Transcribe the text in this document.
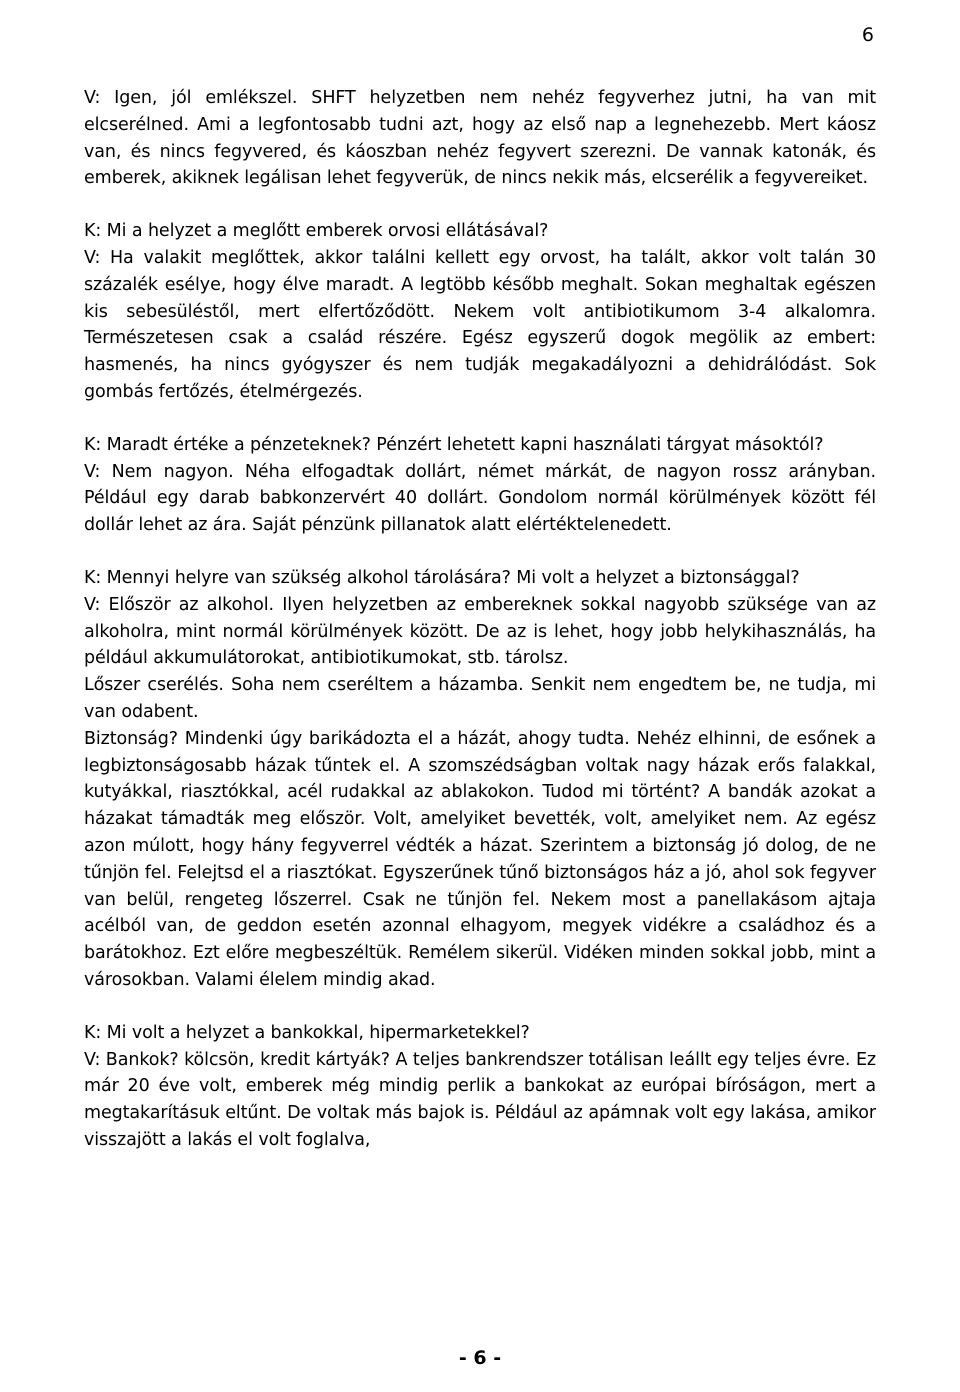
6

V: Igen, jól emlékszel. SHFT helyzetben nem nehéz fegyverhez jutni, ha van mit elcserélned. Ami a legfontosabb tudni azt, hogy az első nap a legnehezebb. Mert káosz van, és nincs fegyvered, és káoszban nehéz fegyvert szerezni. De vannak katonák, és emberek, akiknek legálisan lehet fegyverük, de nincs nekik más, elcserélik a fegyvereiket.

K: Mi a helyzet a meglőtt emberek orvosi ellátásával?

V: Ha valakit meglőttek, akkor találni kellett egy orvost, ha talált, akkor volt talán 30 százalék esélye, hogy élve maradt. A legtöbb később meghalt. Sokan meghaltak egészen kis sebesüléstől, mert elfertőződött. Nekem volt antibiotikumom 3-4 alkalomra. Természetesen csak a család részére. Egész egyszerű dogok megölik az embert: hasmenés, ha nincs gyógyszer és nem tudják megakadályozni a dehidrálódást. Sok gombás fertőzés, ételmérgezés.

K: Maradt értéke a pénzeteknek? Pénzért lehetett kapni használati tárgyat másoktól?

V: Nem nagyon. Néha elfogadtak dollárt, német márkát, de nagyon rossz arányban. Például egy darab babkonzervért 40 dollárt. Gondolom normál körülmények között fél dollár lehet az ára. Saját pénzünk pillanatok alatt elértéktelenedett.

K: Mennyi helyre van szükség alkohol tárolására? Mi volt a helyzet a biztonsággal?

V: Először az alkohol. Ilyen helyzetben az embereknek sokkal nagyobb szüksége van az alkoholra, mint normál körülmények között. De az is lehet, hogy jobb helykihasználás, ha például akkumulátorokat, antibiotikumokat, stb. tárolsz.

Lőszer cserélés. Soha nem cseréltem a házamba. Senkit nem engedtem be, ne tudja, mi van odabent.

Biztonság? Mindenki úgy barikádozta el a házát, ahogy tudta. Nehéz elhinni, de esőnek a legbiztonságosabb házak tűntek el. A szomszédságban voltak nagy házak erős falakkal, kutyákkal, riasztókkal, acél rudakkal az ablakokon. Tudod mi történt? A bandák azokat a házakat támadták meg először. Volt, amelyiket bevették, volt, amelyiket nem. Az egész azon múlott, hogy hány fegyverrel védték a házat. Szerintem a biztonság jó dolog, de ne tűnjön fel. Felejtsd el a riasztókat. Egyszerűnek tűnő biztonságos ház a jó, ahol sok fegyver van belül, rengeteg lőszerrel. Csak ne tűnjön fel. Nekem most a panellakásom ajtaja acélból van, de geddon esetén azonnal elhagyom, megyek vidékre a családhoz és a barátokhoz. Ezt előre megbeszéltük. Remélem sikerül. Vidéken minden sokkal jobb, mint a városokban. Valami élelem mindig akad.

K: Mi volt a helyzet a bankokkal, hipermarketekkel?

V: Bankok? kölcsön, kredit kártyák? A teljes bankrendszer totálisan leállt egy teljes évre. Ez már 20 éve volt, emberek még mindig perlik a bankokat az európai bíróságon, mert a megtakarításuk eltűnt. De voltak más bajok is. Például az apámnak volt egy lakása, amikor visszajött a lakás el volt foglalva,

- 6 -
